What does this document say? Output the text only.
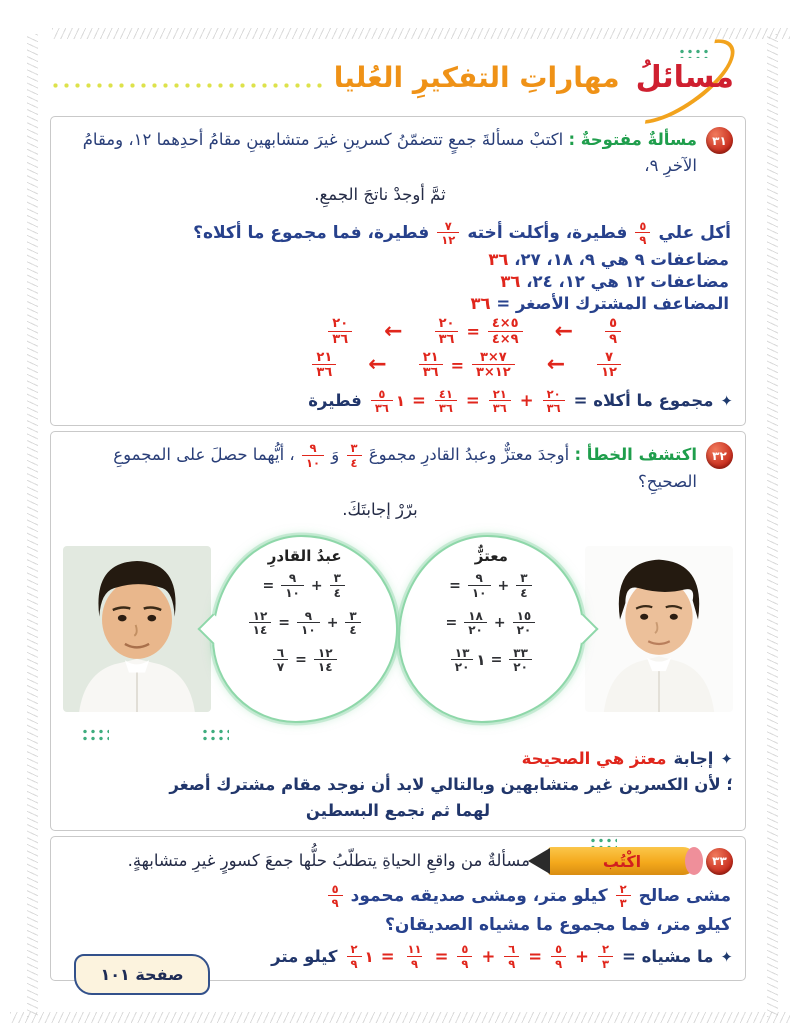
مسائلُ
مهاراتِ التفكيرِ العُليا
٣١
مسألةٌ مفتوحةٌ : اكتبْ مسألةَ جمعٍ تتضمّنُ كسرينِ غيرَ متشابهينِ مقامُ أحدِهما ١٢، ومقامُ الآخرِ ٩،
ثمَّ أوجدْ ناتجَ الجمعِ.
أكل علي
$\frac{٥}{٩}$
فطيرة، وأكلت أخته
$\frac{٧}{١٢}$
فطيرة، فما مجموع ما أكلاه؟
مضاعفات ٩ هي ٩، ١٨، ٢٧، ٣٦
مضاعفات ١٢ هي ١٢، ٢٤، ٣٦
المضاعف المشترك الأصغر = ٣٦
$\frac{٥}{٩}$
←
$\frac{٤\times ٥}{٤\times ٩}$
=
$\frac{٢٠}{٣٦}$
←
$\frac{٢٠}{٣٦}$
$\frac{٧}{١٢}$
←
$\frac{٣\times ٧}{٣\times ١٢}$
=
$\frac{٢١}{٣٦}$
←
$\frac{٢١}{٣٦}$
✦
مجموع ما أكلاه =
$\frac{٢٠}{٣٦}$
+
$\frac{٢١}{٣٦}$
=
$\frac{٤١}{٣٦}$
=
١
$\frac{٥}{٣٦}$
فطيرة
٣٢
اكتشف الخطأ : أوجدَ معتزٌّ وعبدُ القادرِ مجموعَ
$\frac{٣}{٤}$
وَ
$\frac{٩}{١٠}$
، أيُّهما حصلَ على المجموعِ الصحيحِ؟
برّرْ إجابتَكَ.
معتزٌّ
$\frac{٣}{٤}$
+
$\frac{٩}{١٠}$
=
$\frac{١٥}{٢٠}$
+
$\frac{١٨}{٢٠}$
=
$\frac{٣٣}{٢٠}$
=
١
$\frac{١٣}{٢٠}$
عبدُ القادرِ
$\frac{٣}{٤}$
+
$\frac{٩}{١٠}$
=
$\frac{٣}{٤}$
+
$\frac{٩}{١٠}$
=
$\frac{١٢}{١٤}$
$\frac{١٢}{١٤}$
=
$\frac{٦}{٧}$
✦
إجابة
معتز هي الصحيحة
؛ لأن الكسرين غير متشابهين وبالتالي لابد أن نوجد مقام مشترك أصغر
لهما ثم نجمع البسطين
٣٣
اكْتُب
مسألةٌ من واقعِ الحياةِ يتطلّبُ حلُّها جمعَ كسورٍ غيرِ متشابهةٍ.
مشى صالح
$\frac{٢}{٣}$
كيلو متر، ومشى صديقه محمود
$\frac{٥}{٩}$
كيلو متر، فما مجموع ما مشياه الصديقان؟
✦
ما مشياه =
$\frac{٢}{٣}$
+
$\frac{٥}{٩}$
=
$\frac{٦}{٩}$
+
$\frac{٥}{٩}$
=
$\frac{١١}{٩}$
=
١
$\frac{٢}{٩}$
كيلو متر
صفحة ١٠١
